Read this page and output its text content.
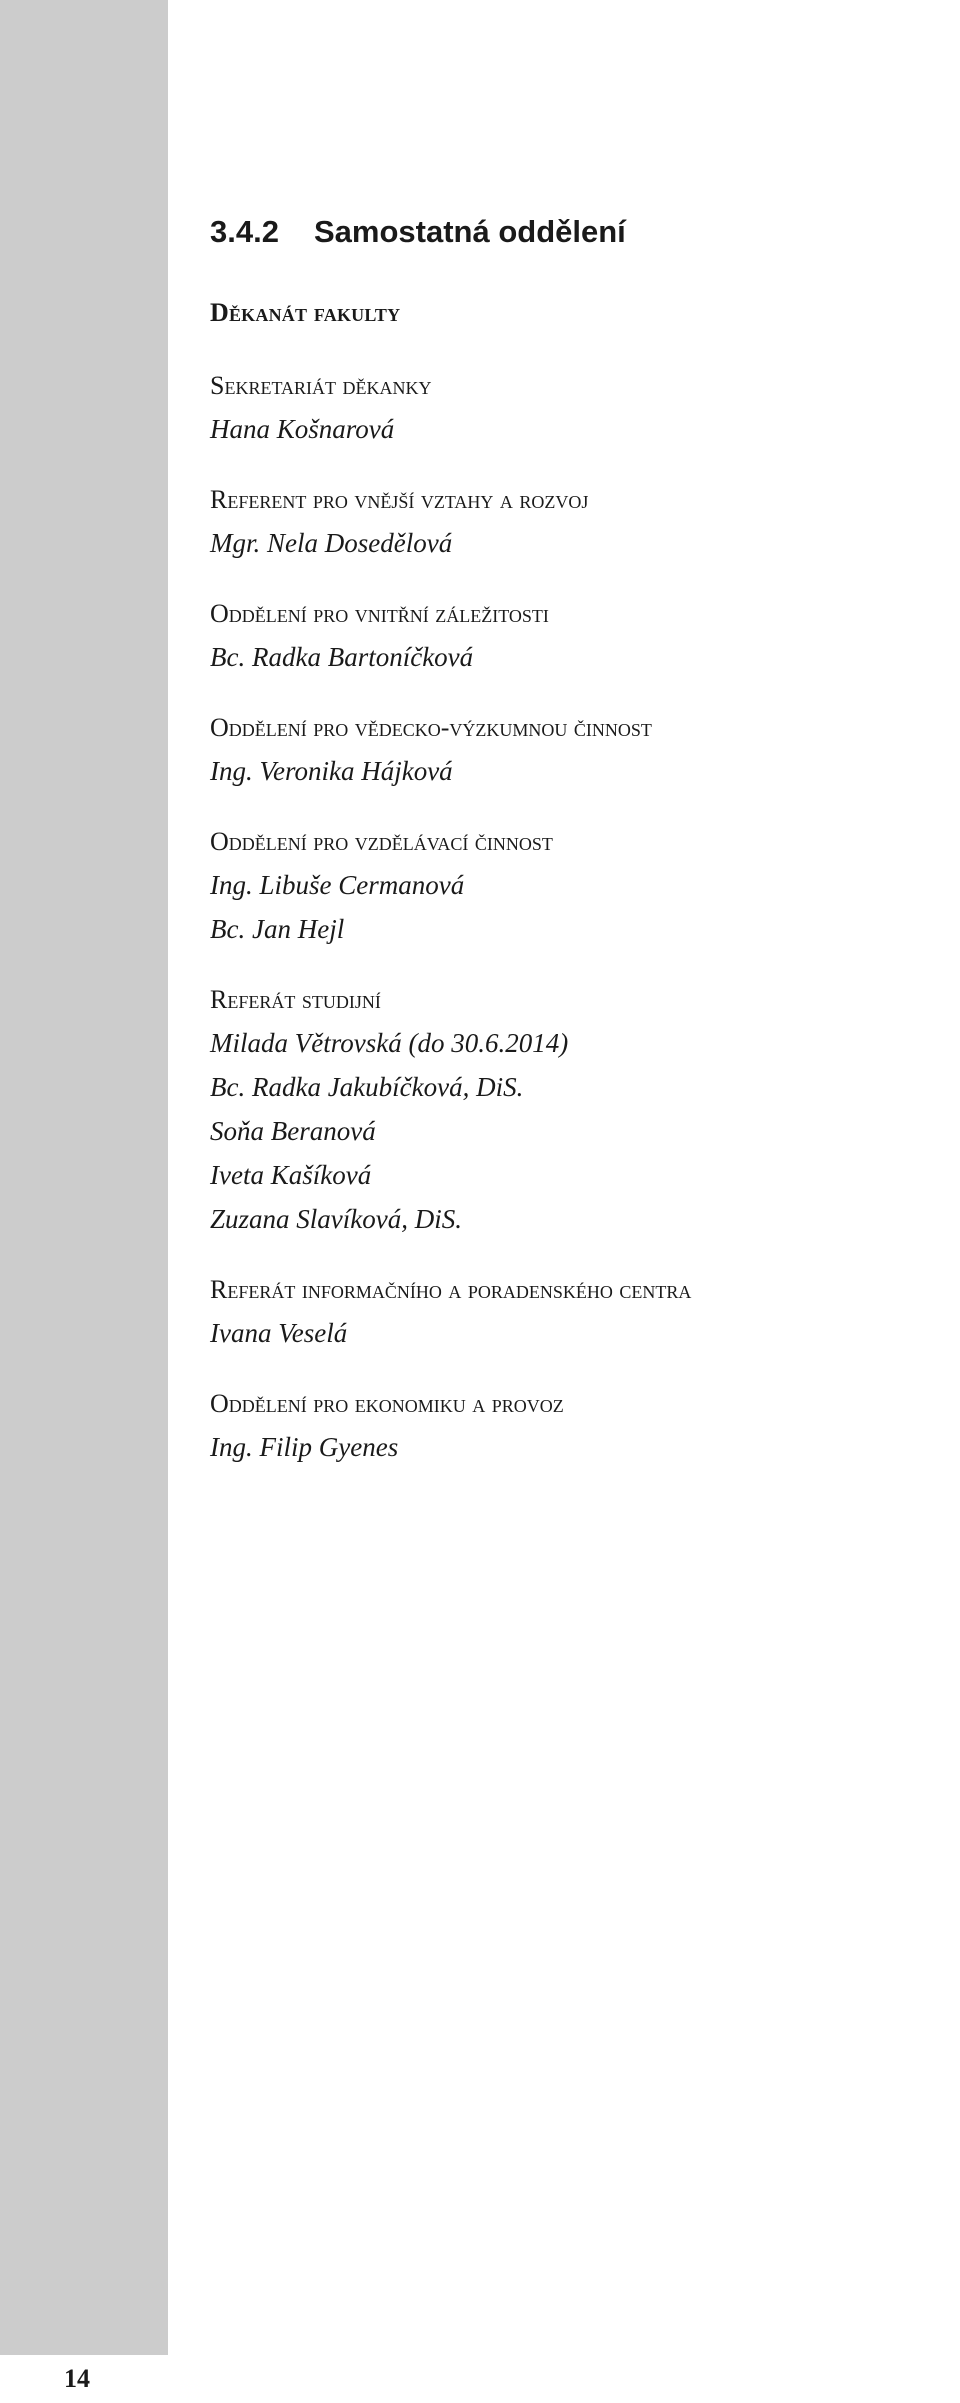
3.4.2 Samostatná oddělení
Děkanát fakulty
Sekretariát děkanky
Hana Košnarová
Referent pro vnější vztahy a rozvoj
Mgr. Nela Dosedělová
Oddělení pro vnitřní záležitosti
Bc. Radka Bartoníčková
Oddělení pro vědecko-výzkumnou činnost
Ing. Veronika Hájková
Oddělení pro vzdělávací činnost
Ing. Libuše Cermanová
Bc. Jan Hejl
Referát studijní
Milada Větrovská (do 30.6.2014)
Bc. Radka Jakubíčková, DiS.
Soňa Beranová
Iveta Kašíková
Zuzana Slavíková, DiS.
Referát informačního a poradenského centra
Ivana Veselá
Oddělení pro ekonomiku a provoz
Ing. Filip Gyenes
14
